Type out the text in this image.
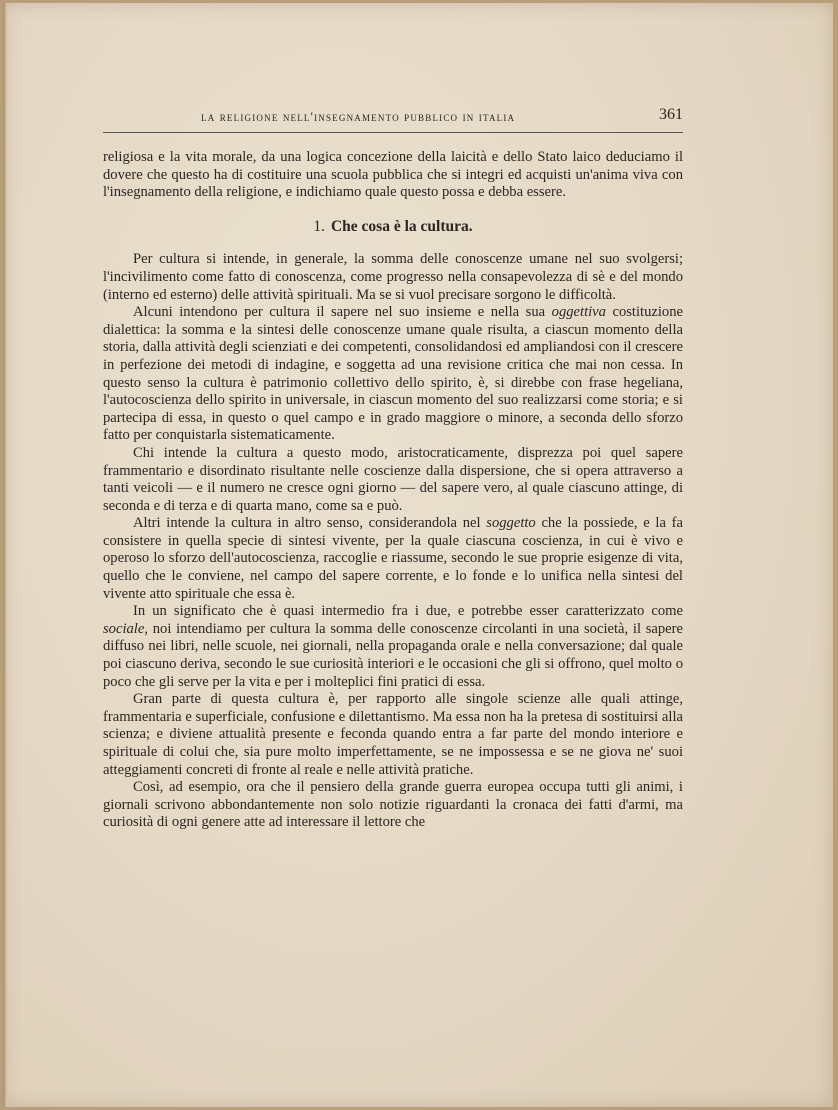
la religione nell'insegnamento pubblico in italia	361

religiosa e la vita morale, da una logica concezione della laicità e dello Stato laico deduciamo il dovere che questo ha di costituire una scuola pubblica che si integri ed acquisti un'anima viva con l'insegnamento della religione, e indichiamo quale questo possa e debba essere.

1. Che cosa è la cultura.

Per cultura si intende, in generale, la somma delle conoscenze umane nel suo svolgersi; l'incivilimento come fatto di conoscenza, come progresso nella consapevolezza di sè e del mondo (interno ed esterno) delle attività spirituali. Ma se si vuol precisare sorgono le difficoltà.

Alcuni intendono per cultura il sapere nel suo insieme e nella sua oggettiva costituzione dialettica: la somma e la sintesi delle conoscenze umane quale risulta, a ciascun momento della storia, dalla attività degli scienziati e dei competenti, consolidandosi ed ampliandosi con il crescere in perfezione dei metodi di indagine, e soggetta ad una revisione critica che mai non cessa. In questo senso la cultura è patrimonio collettivo dello spirito, è, si direbbe con frase hegeliana, l'autocoscienza dello spirito in universale, in ciascun momento del suo realizzarsi come storia; e si partecipa di essa, in questo o quel campo e in grado maggiore o minore, a seconda dello sforzo fatto per conquistarla sistematicamente.

Chi intende la cultura a questo modo, aristocraticamente, disprezza poi quel sapere frammentario e disordinato risultante nelle coscienze dalla dispersione, che si opera attraverso a tanti veicoli — e il numero ne cresce ogni giorno — del sapere vero, al quale ciascuno attinge, di seconda e di terza e di quarta mano, come sa e può.

Altri intende la cultura in altro senso, considerandola nel soggetto che la possiede, e la fa consistere in quella specie di sintesi vivente, per la quale ciascuna coscienza, in cui è vivo e operoso lo sforzo dell'autocoscienza, raccoglie e riassume, secondo le sue proprie esigenze di vita, quello che le conviene, nel campo del sapere corrente, e lo fonde e lo unifica nella sintesi del vivente atto spirituale che essa è.

In un significato che è quasi intermedio fra i due, e potrebbe esser caratterizzato come sociale, noi intendiamo per cultura la somma delle conoscenze circolanti in una società, il sapere diffuso nei libri, nelle scuole, nei giornali, nella propaganda orale e nella conversazione; dal quale poi ciascuno deriva, secondo le sue curiosità interiori e le occasioni che gli si offrono, quel molto o poco che gli serve per la vita e per i molteplici fini pratici di essa.

Gran parte di questa cultura è, per rapporto alle singole scienze alle quali attinge, frammentaria e superficiale, confusione e dilettantismo. Ma essa non ha la pretesa di sostituirsi alla scienza; e diviene attualità presente e feconda quando entra a far parte del mondo interiore e spirituale di colui che, sia pure molto imperfettamente, se ne impossessa e se ne giova ne' suoi atteggiamenti concreti di fronte al reale e nelle attività pratiche.

Così, ad esempio, ora che il pensiero della grande guerra europea occupa tutti gli animi, i giornali scrivono abbondantemente non solo notizie riguardanti la cronaca dei fatti d'armi, ma curiosità di ogni genere atte ad interessare il lettore che
